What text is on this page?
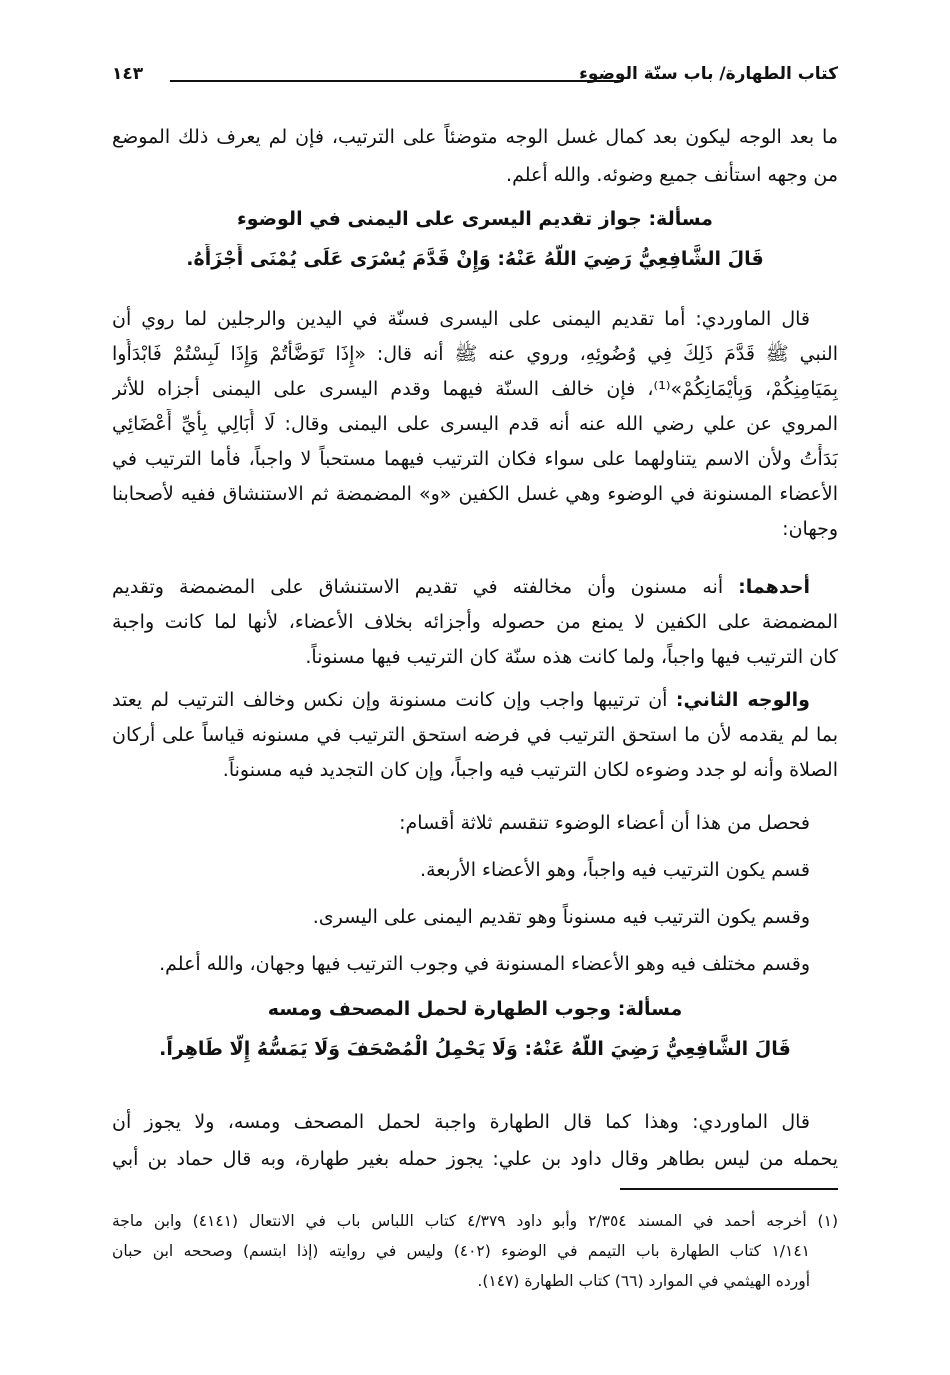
كتاب الطهارة/ باب سنّة الوضوء
١٤٣
ما بعد الوجه ليكون بعد كمال غسل الوجه متوضئاً على الترتيب، فإن لم يعرف ذلك الموضع
من وجهه استأنف جميع وضوئه. والله أعلم.
مسألة: جواز تقديم اليسرى على اليمنى في الوضوء
قَالَ الشَّافِعِيُّ رَضِيَ اللَّهُ عَنْهُ: وَإِنْ قَدَّمَ يُسْرَى عَلَى يُمْنَى أَجْزَأَهُ.
قال الماوردي: أما تقديم اليمنى على اليسرى فسنّة في اليدين والرجلين لما روي أن
النبي ﷺ قَدَّمَ ذَلِكَ فِي وُضُوئِهِ، وروي عنه ﷺ أنه قال: «إِذَا تَوَضَّأْتُمْ وَإِذَا لَبِسْتُمْ فَابْدَأُوا
بِمَيَامِنِكُمْ، وَبِأَيْمَانِكُمْ»⁽¹⁾، فإن خالف السنّة فيهما وقدم اليسرى على اليمنى أجزاه للأثر
المروي عن علي رضي الله عنه أنه قدم اليسرى على اليمنى وقال: لَا أُبَالِي بِأَيِّ أَعْضَائِي
بَدَأْتُ ولأن الاسم يتناولهما على سواء فكان الترتيب فيهما مستحباً لا واجباً، فأما الترتيب في
الأعضاء المسنونة في الوضوء وهي غسل الكفين «و» المضمضة ثم الاستنشاق ففيه لأصحابنا
وجهان:
أحدهما: أنه مسنون وأن مخالفته في تقديم الاستنشاق على المضمضة وتقديم
المضمضة على الكفين لا يمنع من حصوله وأجزائه بخلاف الأعضاء، لأنها لما كانت واجبة
كان الترتيب فيها واجباً، ولما كانت هذه سنّة كان الترتيب فيها مسنوناً.
والوجه الثاني: أن ترتيبها واجب وإن كانت مسنونة وإن نكس وخالف الترتيب لم يعتد
بما لم يقدمه لأن ما استحق الترتيب في فرضه استحق الترتيب في مسنونه قياساً على أركان
الصلاة وأنه لو جدد وضوءه لكان الترتيب فيه واجباً، وإن كان التجديد فيه مسنوناً.
فحصل من هذا أن أعضاء الوضوء تنقسم ثلاثة أقسام:
قسم يكون الترتيب فيه واجباً، وهو الأعضاء الأربعة.
وقسم يكون الترتيب فيه مسنوناً وهو تقديم اليمنى على اليسرى.
وقسم مختلف فيه وهو الأعضاء المسنونة في وجوب الترتيب فيها وجهان، والله أعلم.
مسألة: وجوب الطهارة لحمل المصحف ومسه
قَالَ الشَّافِعِيُّ رَضِيَ اللَّهُ عَنْهُ: وَلَا يَحْمِلُ الْمُصْحَفَ وَلَا يَمَسُّهُ إِلَّا طَاهِراً.
قال الماوردي: وهذا كما قال الطهارة واجبة لحمل المصحف ومسه، ولا يجوز أن
يحمله من ليس بطاهر وقال داود بن علي: يجوز حمله بغير طهارة، وبه قال حماد بن أبي
(١) أخرجه أحمد في المسند ٢/٣٥٤ وأبو داود ٤/٣٧٩ كتاب اللباس باب في الانتعال (٤١٤١) وابن ماجة
١/١٤١ كتاب الطهارة باب التيمم في الوضوء (٤٠٢) وليس في روايته (إذا ابتسم) وصححه ابن حبان
أورده الهيثمي في الموارد (٦٦) كتاب الطهارة (١٤٧).
